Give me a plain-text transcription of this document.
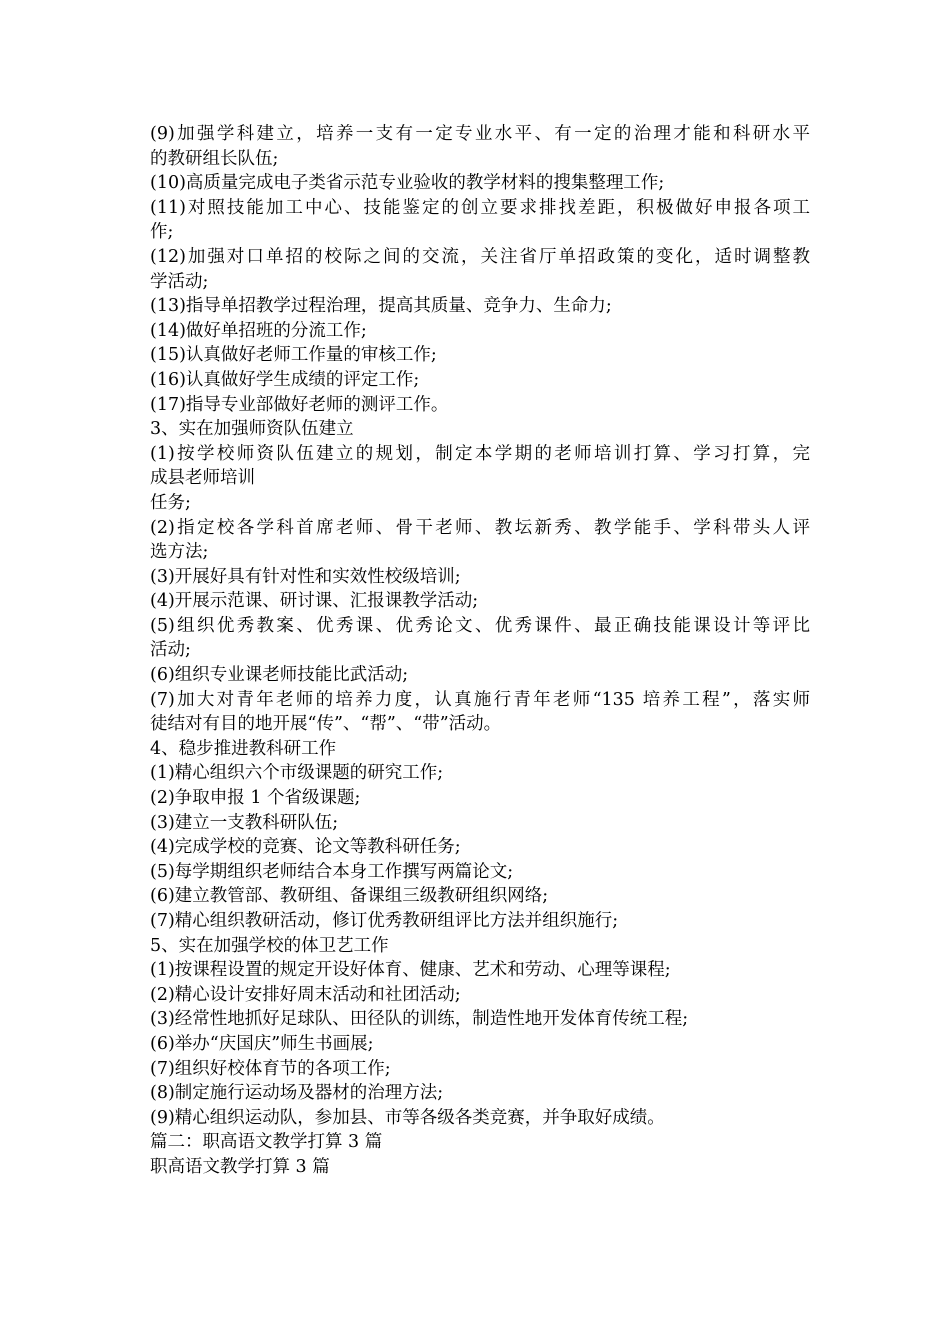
(9)加强学科建立，培养一支有一定专业水平、有一定的治理才能和科研水平
的教研组长队伍;
(10)高质量完成电子类省示范专业验收的教学材料的搜集整理工作;
(11)对照技能加工中心、技能鉴定的创立要求排找差距，积极做好申报各项工
作;
(12)加强对口单招的校际之间的交流，关注省厅单招政策的变化，适时调整教
学活动;
(13)指导单招教学过程治理，提高其质量、竞争力、生命力;
(14)做好单招班的分流工作;
(15)认真做好老师工作量的审核工作;
(16)认真做好学生成绩的评定工作;
(17)指导专业部做好老师的测评工作。
3、实在加强师资队伍建立
(1)按学校师资队伍建立的规划，制定本学期的老师培训打算、学习打算，完
成县老师培训
任务;
(2)指定校各学科首席老师、骨干老师、教坛新秀、教学能手、学科带头人评
选方法;
(3)开展好具有针对性和实效性校级培训;
(4)开展示范课、研讨课、汇报课教学活动;
(5)组织优秀教案、优秀课、优秀论文、优秀课件、最正确技能课设计等评比
活动;
(6)组织专业课老师技能比武活动;
(7)加大对青年老师的培养力度，认真施行青年老师“135 培养工程”，落实师
徒结对有目的地开展“传”、“帮”、“带”活动。
4、稳步推进教科研工作
(1)精心组织六个市级课题的研究工作;
(2)争取申报 1 个省级课题;
(3)建立一支教科研队伍;
(4)完成学校的竞赛、论文等教科研任务;
(5)每学期组织老师结合本身工作撰写两篇论文;
(6)建立教管部、教研组、备课组三级教研组织网络;
(7)精心组织教研活动，修订优秀教研组评比方法并组织施行;
5、实在加强学校的体卫艺工作
(1)按课程设置的规定开设好体育、健康、艺术和劳动、心理等课程;
(2)精心设计安排好周末活动和社团活动;
(3)经常性地抓好足球队、田径队的训练，制造性地开发体育传统工程;
(6)举办“庆国庆”师生书画展;
(7)组织好校体育节的各项工作;
(8)制定施行运动场及器材的治理方法;
(9)精心组织运动队，参加县、市等各级各类竞赛，并争取好成绩。
篇二：职高语文教学打算 3 篇
职高语文教学打算 3 篇
